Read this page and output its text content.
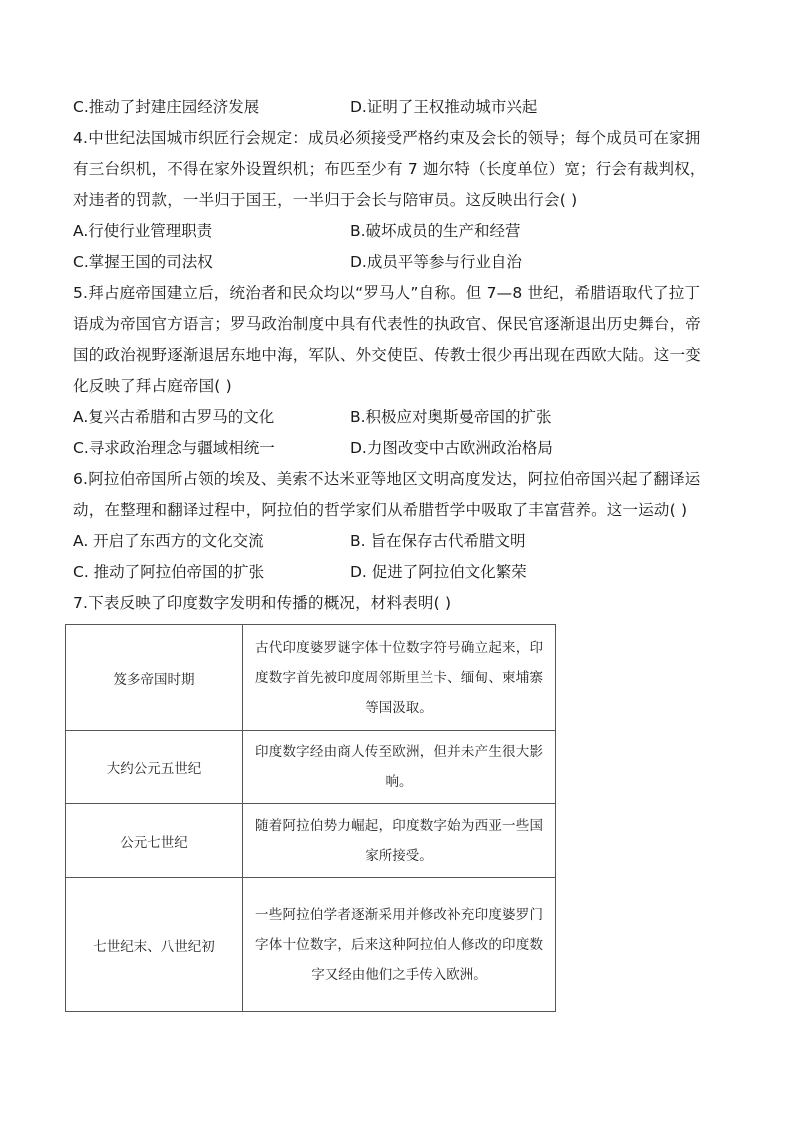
C.推动了封建庄园经济发展	D.证明了王权推动城市兴起
4.中世纪法国城市织匠行会规定：成员必须接受严格约束及会长的领导；每个成员可在家拥
有三台织机，不得在家外设置织机；布匹至少有 7 迦尔特（长度单位）宽；行会有裁判权，
对违者的罚款，一半归于国王，一半归于会长与陪审员。这反映出行会( )
A.行使行业管理职责	B.破坏成员的生产和经营
C.掌握王国的司法权	D.成员平等参与行业自治
5.拜占庭帝国建立后，统治者和民众均以“罗马人”自称。但 7—8 世纪，希腊语取代了拉丁
语成为帝国官方语言；罗马政治制度中具有代表性的执政官、保民官逐渐退出历史舞台，帝
国的政治视野逐渐退居东地中海，军队、外交使臣、传教士很少再出现在西欧大陆。这一变
化反映了拜占庭帝国( )
A.复兴古希腊和古罗马的文化	B.积极应对奥斯曼帝国的扩张
C.寻求政治理念与疆域相统一	D.力图改变中古欧洲政治格局
6.阿拉伯帝国所占领的埃及、美索不达米亚等地区文明高度发达，阿拉伯帝国兴起了翻译运
动，在整理和翻译过程中，阿拉伯的哲学家们从希腊哲学中吸取了丰富营养。这一运动( )
A. 开启了东西方的文化交流	B. 旨在保存古代希腊文明
C. 推动了阿拉伯帝国的扩张	D. 促进了阿拉伯文化繁荣
7.下表反映了印度数字发明和传播的概况，材料表明( )
笈多帝国时期	古代印度婆罗谜字体十位数字符号确立起来，印度数字首先被印度周邻斯里兰卡、缅甸、柬埔寨等国汲取。
大约公元五世纪	印度数字经由商人传至欧洲，但并未产生很大影响。
公元七世纪	随着阿拉伯势力崛起，印度数字始为西亚一些国家所接受。
七世纪末、八世纪初	一些阿拉伯学者逐渐采用并修改补充印度婆罗门字体十位数字，后来这种阿拉伯人修改的印度数字又经由他们之手传入欧洲。
